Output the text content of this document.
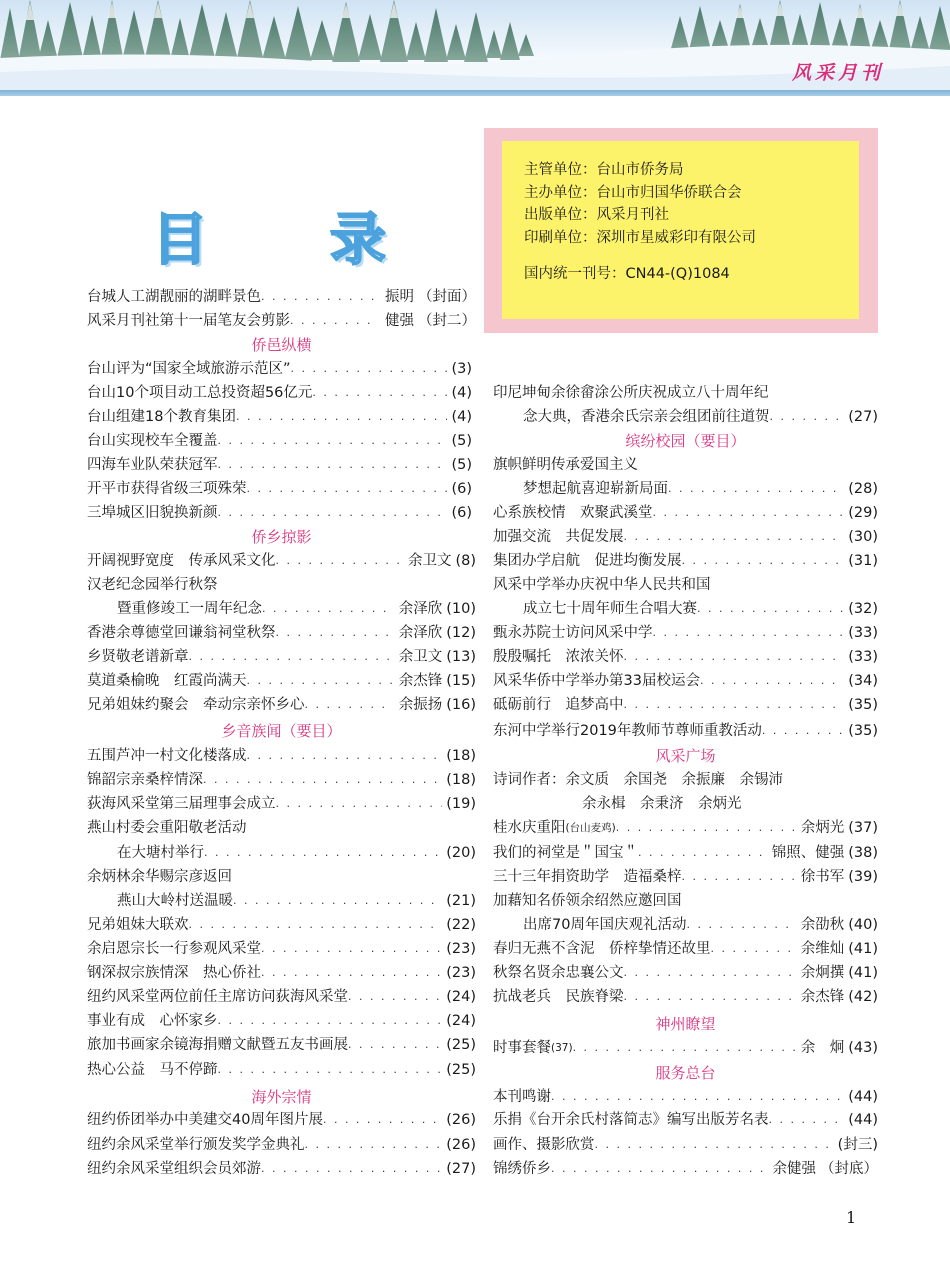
风采月刊
主管单位：台山市侨务局
主办单位：台山市归国华侨联合会
出版单位：风采月刊社
印刷单位：深圳市星威彩印有限公司
国内统一刊号：CN44-(Q)1084
目 录
台城人工湖靓丽的湖畔景色 . . .	振明 （封面）
风采月刊社第十一届笔友会剪影 . . .	健强 （封二）
侨邑纵横
台山评为“国家全域旅游示范区” . . .	(3)
台山10个项目动工总投资超56亿元 . . .	(4)
台山组建18个教育集团 . . .	(4)
台山实现校车全覆盖 . . .	(5)
四海车业队荣获冠军 . . .	(5)
开平市获得省级三项殊荣 . . .	(6)
三埠城区旧貌换新颜 . . .	(6)
侨乡掠影
开阔视野宽度　传承风采文化 . . .	余卫文 (8)
汉老纪念园举行秋祭
暨重修竣工一周年纪念 . . .	余泽欣 (10)
香港余尊德堂回谦翁祠堂秋祭 . . .	余泽欣 (12)
乡贤敬老谱新章 . . .	余卫文 (13)
莫道桑榆晚　红霞尚满天 . . .	余杰锋 (15)
兄弟姐妹约聚会　牵动宗亲怀乡心 . . .	余振扬 (16)
乡音族闻（要目）
五围芦冲一村文化楼落成 . . .	(18)
锦韶宗亲桑梓情深 . . .	(18)
荻海风采堂第三届理事会成立 . . .	(19)
燕山村委会重阳敬老活动
在大塘村举行 . . .	(20)
余炳林余华赐宗彦返回
燕山大岭村送温暖 . . .	(21)
兄弟姐妹大联欢 . . .	(22)
余启恩宗长一行参观风采堂 . . .	(23)
钢深叔宗族情深　热心侨社 . . .	(23)
纽约风采堂两位前任主席访问荻海风采堂 . . .	(24)
事业有成　心怀家乡 . . .	(24)
旅加书画家余镜海捐赠文献暨五友书画展 . . .	(25)
热心公益　马不停蹄 . . .	(25)
海外宗情
纽约侨团举办中美建交40周年图片展 . . .	(26)
纽约余风采堂举行颁发奖学金典礼 . . .	(26)
纽约余风采堂组织会员郊游 . . .	(27)
印尼坤甸余徐畲涂公所庆祝成立八十周年纪
念大典，香港余氏宗亲会组团前往道贺 . . .	(27)
缤纷校园（要目）
旗帜鲜明传承爱国主义
梦想起航喜迎崭新局面 . . .	(28)
心系族校情　欢聚武溪堂 . . .	(29)
加强交流　共促发展 . . .	(30)
集团办学启航　促进均衡发展 . . .	(31)
风采中学举办庆祝中华人民共和国
成立七十周年师生合唱大赛 . . .	(32)
甄永苏院士访问风采中学 . . .	(33)
殷殷嘱托　浓浓关怀 . . .	(33)
风采华侨中学举办第33届校运会 . . .	(34)
砥砺前行　追梦高中 . . .	(35)
东河中学举行2019年教师节尊师重教活动 . . .	(35)
风采广场
诗词作者：余文质　余国尧　余振廉　余锡沛
余永楫　余秉济　余炳光
桂水庆重阳 (台山麦鸡) . . .	余炳光 (37)
我们的祠堂是＂国宝＂ . . .	锦照、健强 (38)
三十三年捐资助学　造福桑梓 . . .	徐书军 (39)
加藉知名侨领余绍然应邀回国
出席70周年国庆观礼活动 . . .	余劭秋 (40)
春归无燕不含泥　侨梓挚情还故里 . . .	余维灿 (41)
秋祭名贤余忠襄公文 . . .	余炯撰 (41)
抗战老兵　民族脊梁 . . .	余杰锋 (42)
神州瞭望
时事套餐 (37) . . .	余　炯 (43)
服务总台
本刊鸣谢 . . .	(44)
乐捐《台开余氏村落简志》编写出版芳名表 . . .	(44)
画作、摄影欣赏 . . .	(封三)
锦绣侨乡 . . .	余健强 （封底）
1
